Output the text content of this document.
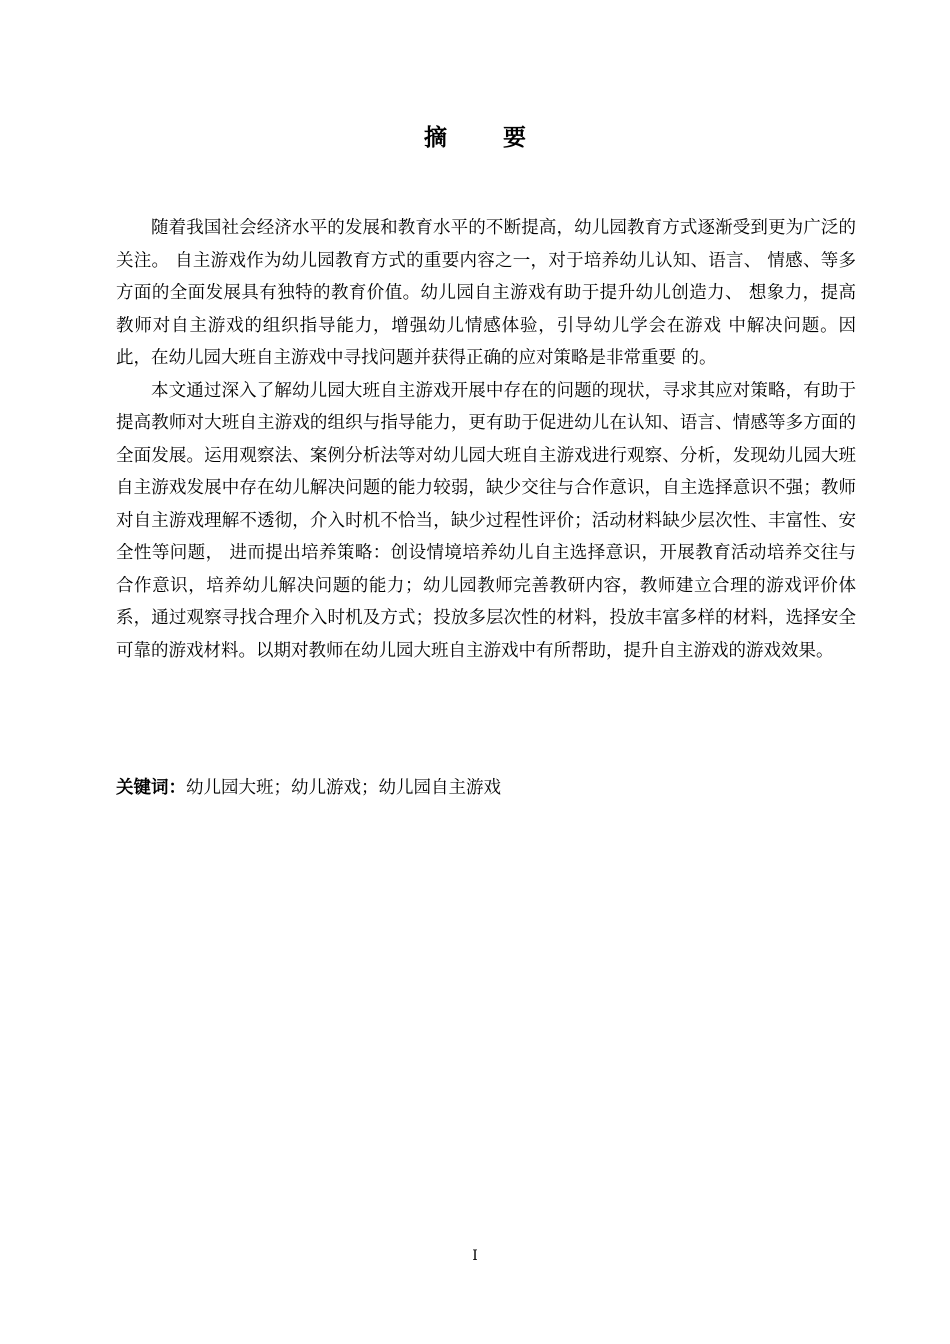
摘 要

随着我国社会经济水平的发展和教育水平的不断提高，幼儿园教育方式逐渐受到更为广泛的关注。 自主游戏作为幼儿园教育方式的重要内容之一，对于培养幼儿认知、语言、 情感、等多方面的全面发展具有独特的教育价值。幼儿园自主游戏有助于提升幼儿创造力、 想象力，提高教师对自主游戏的组织指导能力，增强幼儿情感体验，引导幼儿学会在游戏 中解决问题。因此，在幼儿园大班自主游戏中寻找问题并获得正确的应对策略是非常重要 的。

本文通过深入了解幼儿园大班自主游戏开展中存在的问题的现状，寻求其应对策略，有助于提高教师对大班自主游戏的组织与指导能力，更有助于促进幼儿在认知、语言、情感等多方面的全面发展。运用观察法、案例分析法等对幼儿园大班自主游戏进行观察、分析，发现幼儿园大班自主游戏发展中存在幼儿解决问题的能力较弱，缺少交往与合作意识，自主选择意识不强；教师对自主游戏理解不透彻，介入时机不恰当，缺少过程性评价；活动材料缺少层次性、丰富性、安全性等问题， 进而提出培养策略：创设情境培养幼儿自主选择意识，开展教育活动培养交往与合作意识，培养幼儿解决问题的能力；幼儿园教师完善教研内容，教师建立合理的游戏评价体系，通过观察寻找合理介入时机及方式；投放多层次性的材料，投放丰富多样的材料，选择安全可靠的游戏材料。以期对教师在幼儿园大班自主游戏中有所帮助，提升自主游戏的游戏效果。

关键词：幼儿园大班；幼儿游戏；幼儿园自主游戏
I
